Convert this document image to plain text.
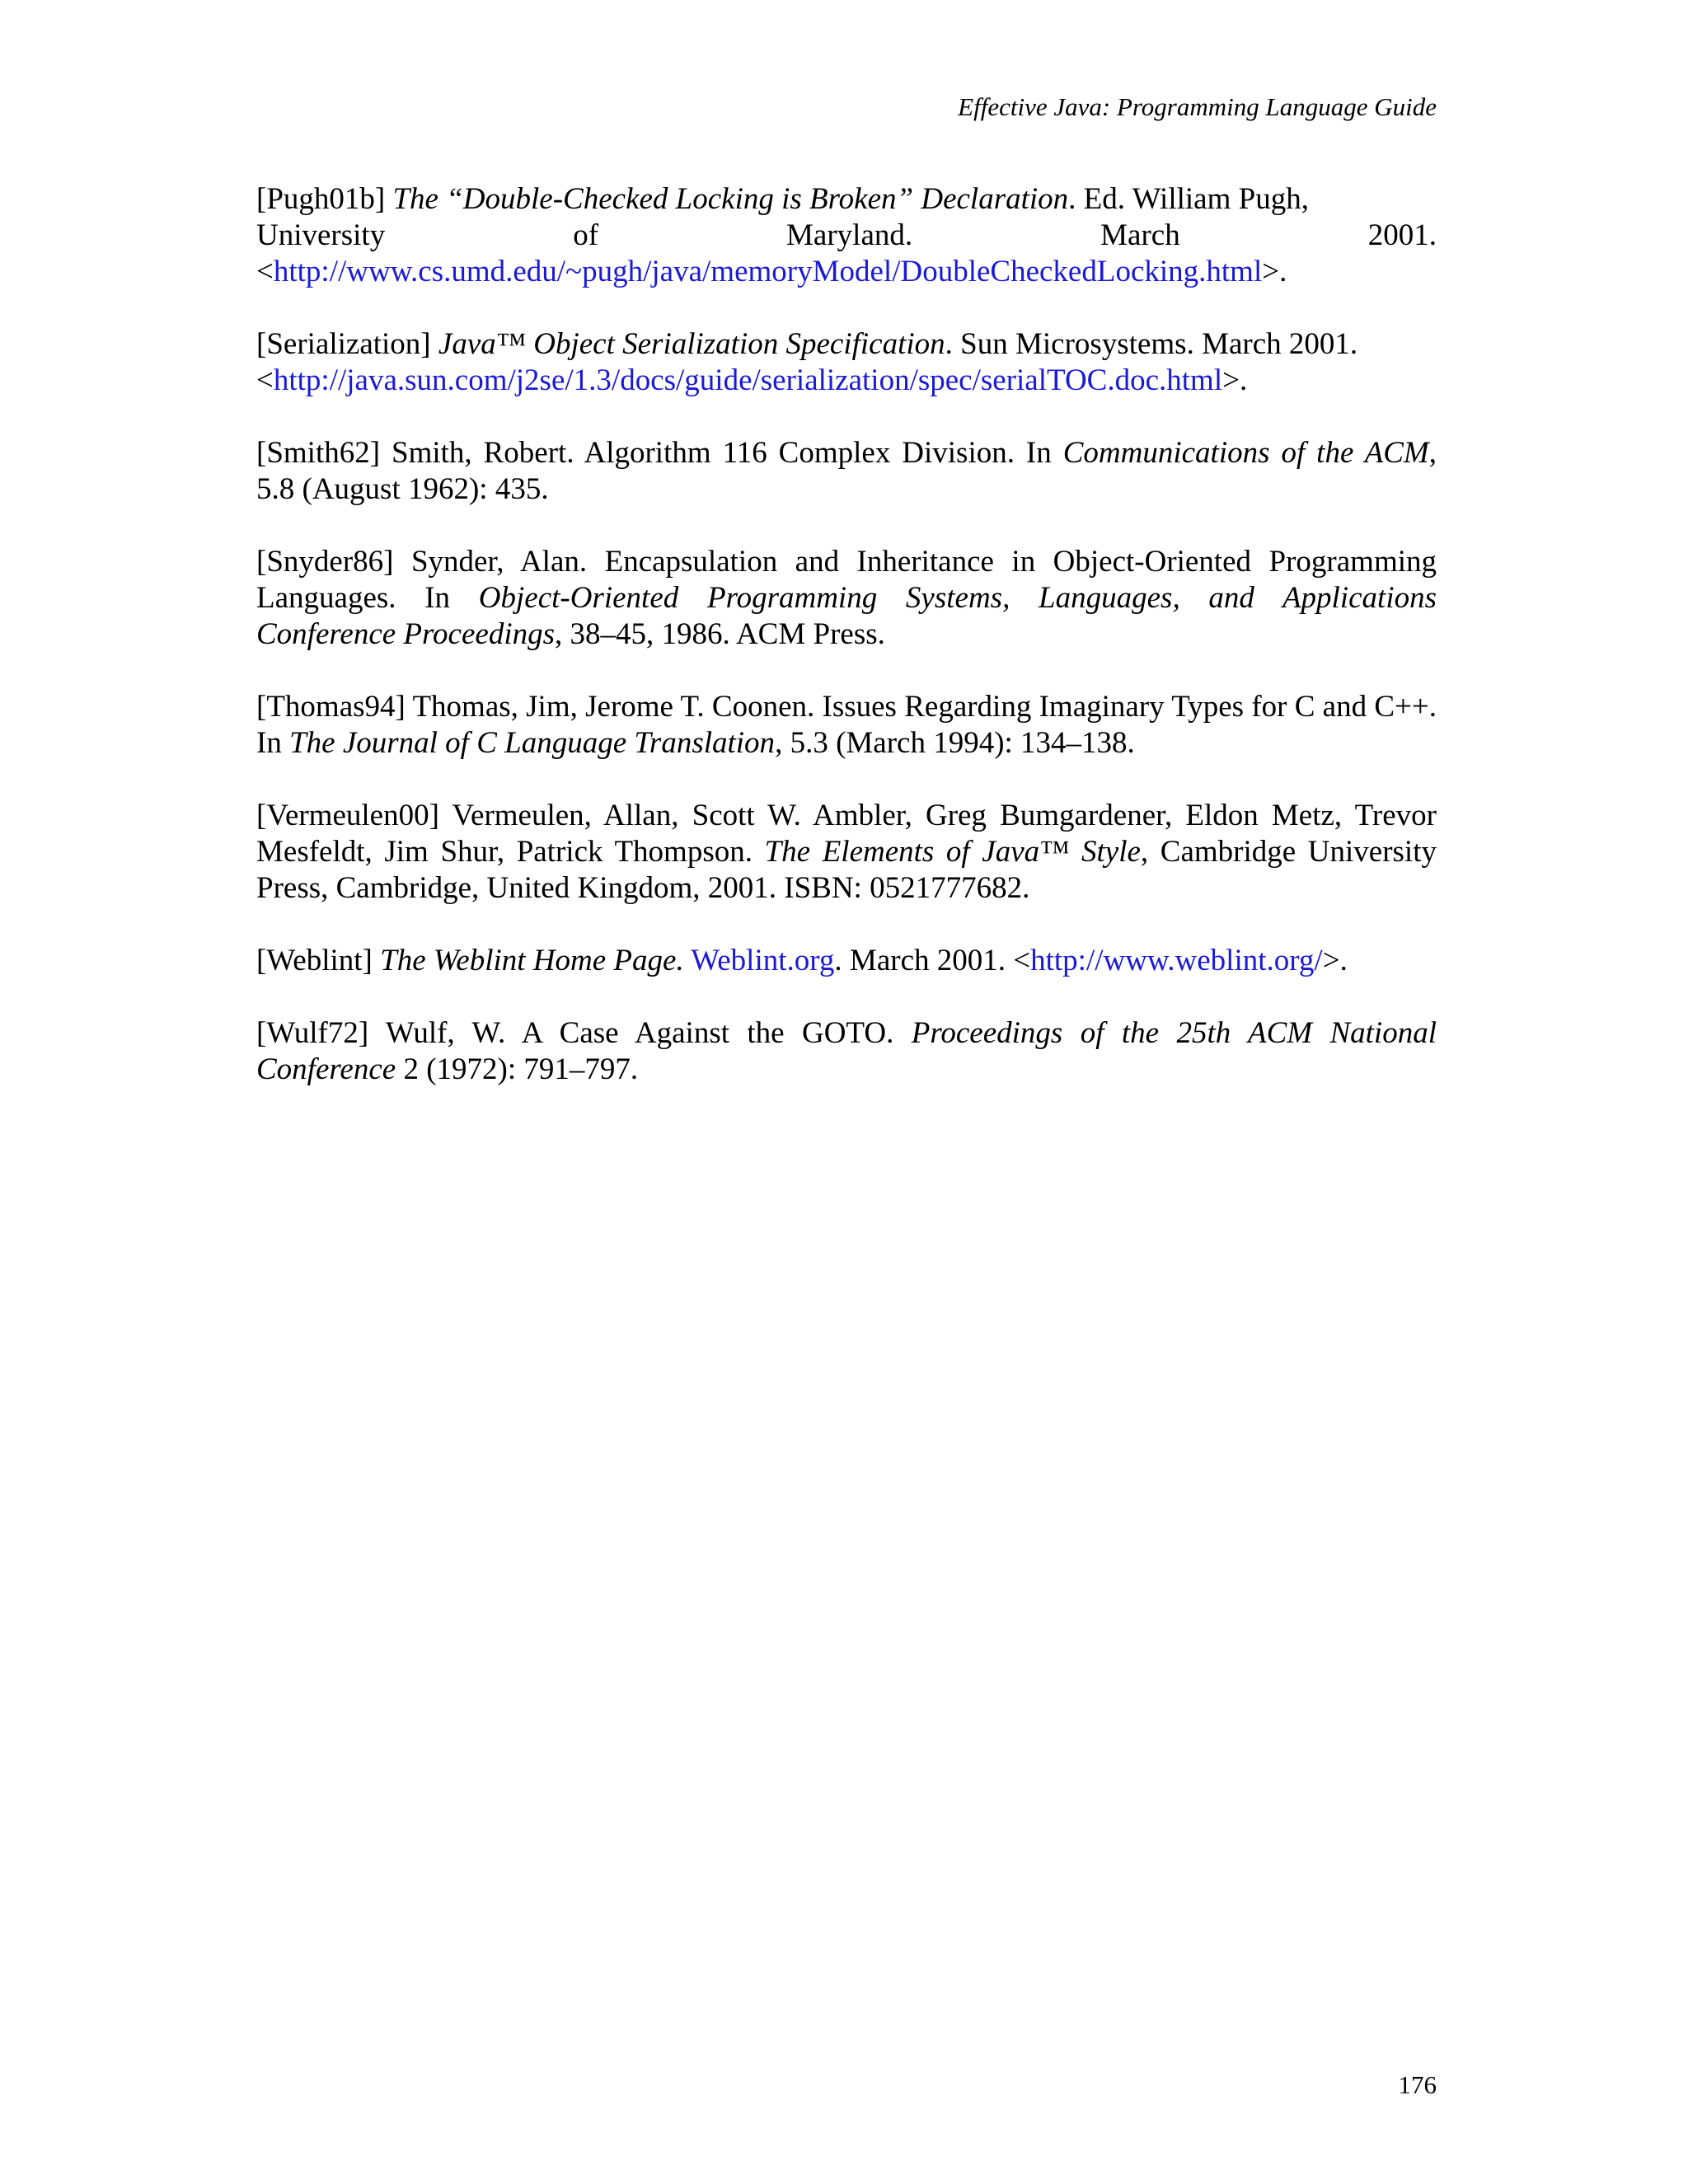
Effective Java: Programming Language Guide
[Pugh01b] The “Double-Checked Locking is Broken” Declaration. Ed. William Pugh,
University	of	Maryland.	March	2001.
<http://www.cs.umd.edu/~pugh/java/memoryModel/DoubleCheckedLocking.html>.
[Serialization] Java™ Object Serialization Specification. Sun Microsystems. March 2001.
<http://java.sun.com/j2se/1.3/docs/guide/serialization/spec/serialTOC.doc.html>.
[Smith62] Smith, Robert. Algorithm 116 Complex Division. In Communications of the ACM, 5.8 (August 1962): 435.
[Snyder86] Synder, Alan. Encapsulation and Inheritance in Object-Oriented Programming Languages. In Object-Oriented Programming Systems, Languages, and Applications Conference Proceedings, 38–45, 1986. ACM Press.
[Thomas94] Thomas, Jim, Jerome T. Coonen. Issues Regarding Imaginary Types for C and C++. In The Journal of C Language Translation, 5.3 (March 1994): 134–138.
[Vermeulen00] Vermeulen, Allan, Scott W. Ambler, Greg Bumgardener, Eldon Metz, Trevor Mesfeldt, Jim Shur, Patrick Thompson. The Elements of Java™ Style, Cambridge University Press, Cambridge, United Kingdom, 2001. ISBN: 0521777682.
[Weblint] The Weblint Home Page. Weblint.org. March 2001. <http://www.weblint.org/>.
[Wulf72] Wulf, W. A Case Against the GOTO. Proceedings of the 25th ACM National Conference 2 (1972): 791–797.
176
